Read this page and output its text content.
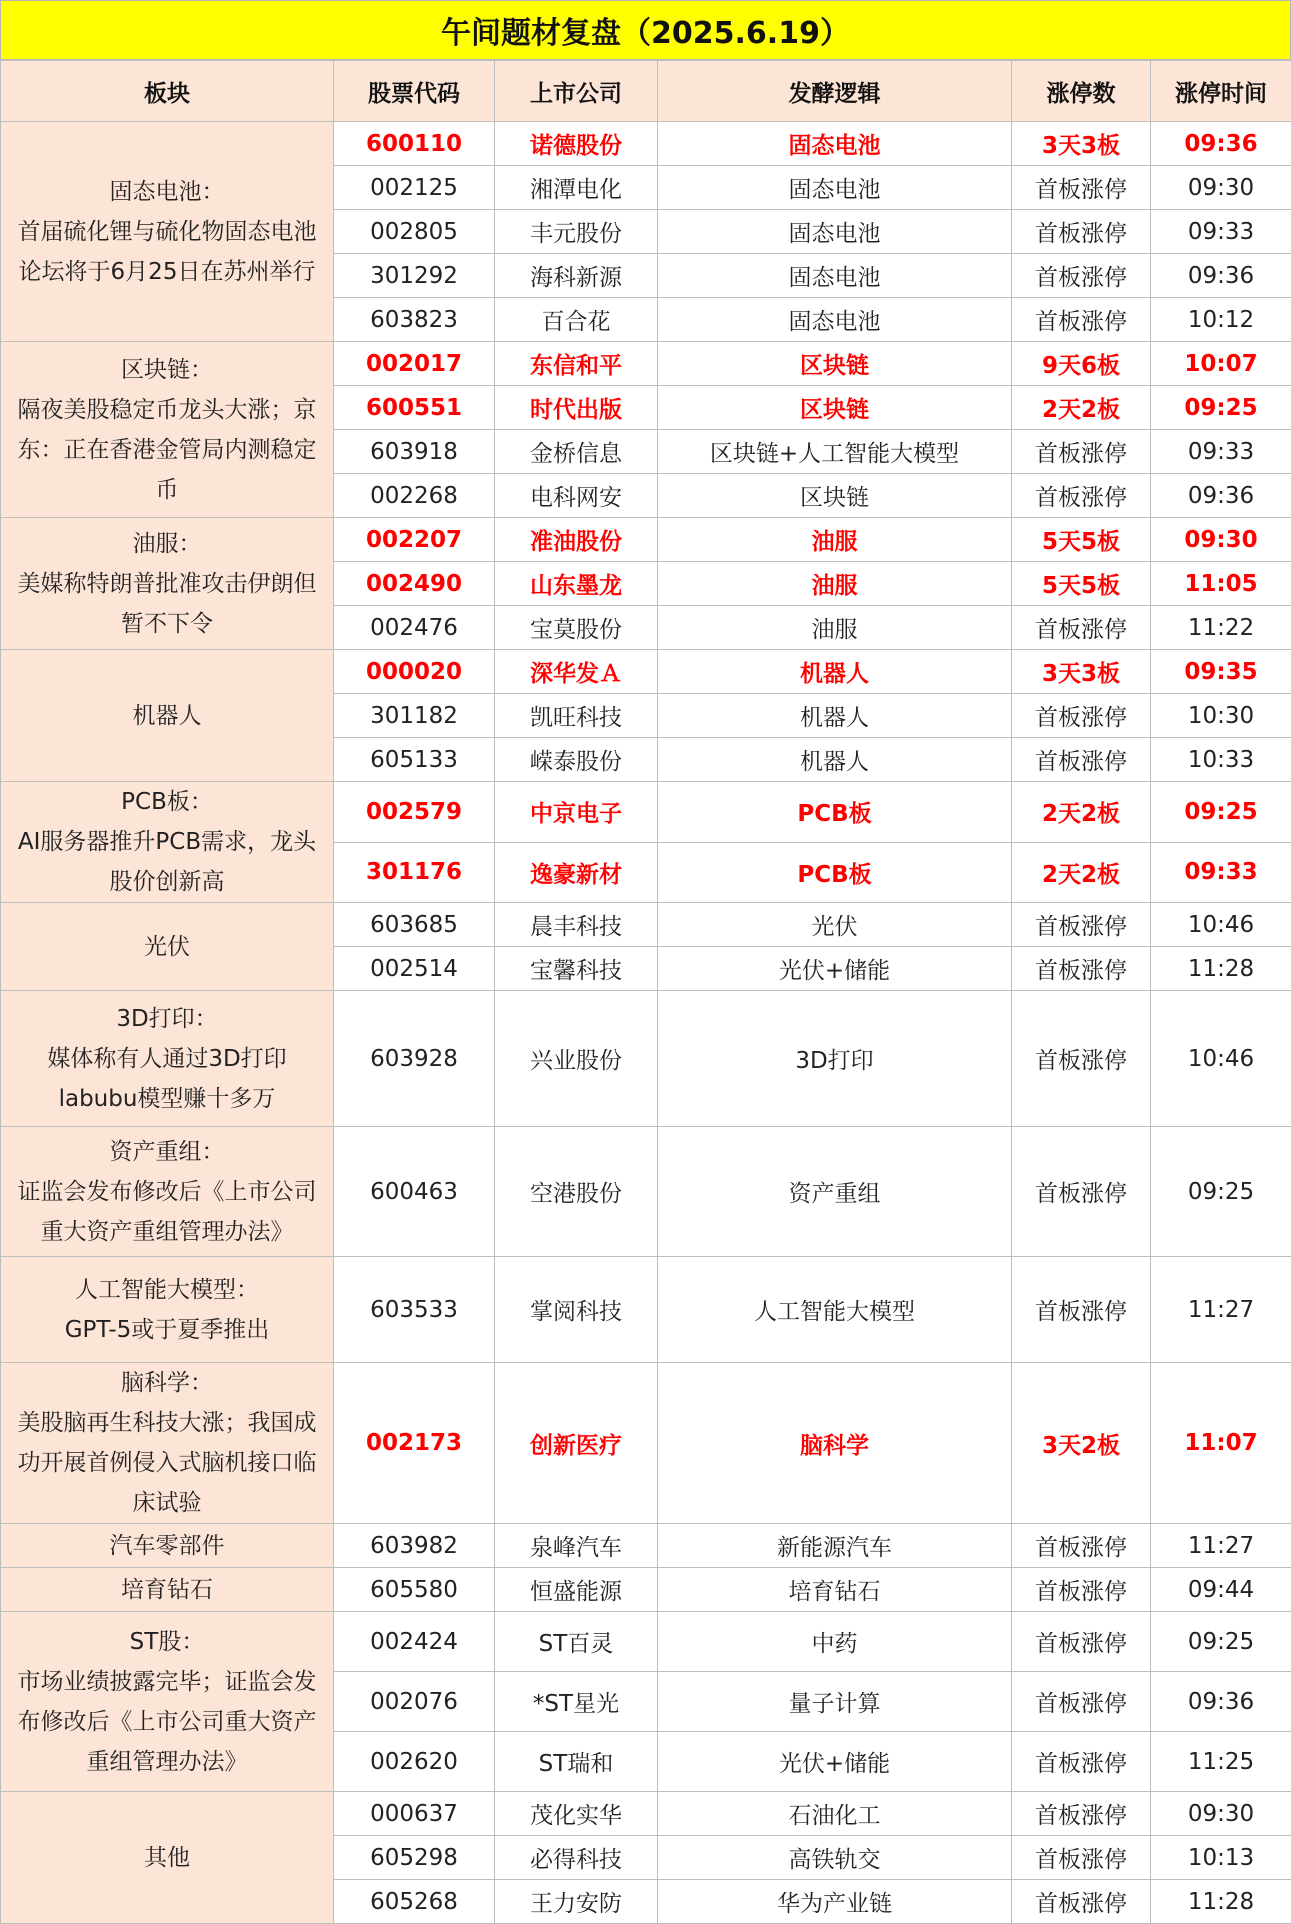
午间题材复盘（2025.6.19）
板块	股票代码	上市公司	发酵逻辑	涨停数	涨停时间

固态电池：
首届硫化锂与硫化物固态电池
论坛将于6月25日在苏州举行	600110	诺德股份	固态电池	3天3板	09:36
	002125	湘潭电化	固态电池	首板涨停	09:30
	002805	丰元股份	固态电池	首板涨停	09:33
	301292	海科新源	固态电池	首板涨停	09:36
	603823	百合花	固态电池	首板涨停	10:12

区块链：
隔夜美股稳定币龙头大涨；京
东：正在香港金管局内测稳定
币	002017	东信和平	区块链	9天6板	10:07
	600551	时代出版	区块链	2天2板	09:25
	603918	金桥信息	区块链+人工智能大模型	首板涨停	09:33
	002268	电科网安	区块链	首板涨停	09:36

油服：
美媒称特朗普批准攻击伊朗但
暂不下令	002207	准油股份	油服	5天5板	09:30
	002490	山东墨龙	油服	5天5板	11:05
	002476	宝莫股份	油服	首板涨停	11:22

机器人	000020	深华发Ａ	机器人	3天3板	09:35
	301182	凯旺科技	机器人	首板涨停	10:30
	605133	嵘泰股份	机器人	首板涨停	10:33

PCB板：
AI服务器推升PCB需求，龙头
股价创新高	002579	中京电子	PCB板	2天2板	09:25
	301176	逸豪新材	PCB板	2天2板	09:33

光伏	603685	晨丰科技	光伏	首板涨停	10:46
	002514	宝馨科技	光伏+储能	首板涨停	11:28

3D打印：
媒体称有人通过3D打印
labubu模型赚十多万	603928	兴业股份	3D打印	首板涨停	10:46

资产重组：
证监会发布修改后《上市公司
重大资产重组管理办法》	600463	空港股份	资产重组	首板涨停	09:25

人工智能大模型：
GPT-5或于夏季推出	603533	掌阅科技	人工智能大模型	首板涨停	11:27

脑科学：
美股脑再生科技大涨；我国成
功开展首例侵入式脑机接口临
床试验	002173	创新医疗	脑科学	3天2板	11:07

汽车零部件	603982	泉峰汽车	新能源汽车	首板涨停	11:27

培育钻石	605580	恒盛能源	培育钻石	首板涨停	09:44

ST股：
市场业绩披露完毕；证监会发
布修改后《上市公司重大资产
重组管理办法》	002424	ST百灵	中药	首板涨停	09:25
	002076	*ST星光	量子计算	首板涨停	09:36
	002620	ST瑞和	光伏+储能	首板涨停	11:25

其他	000637	茂化实华	石油化工	首板涨停	09:30
	605298	必得科技	高铁轨交	首板涨停	10:13
	605268	王力安防	华为产业链	首板涨停	11:28
